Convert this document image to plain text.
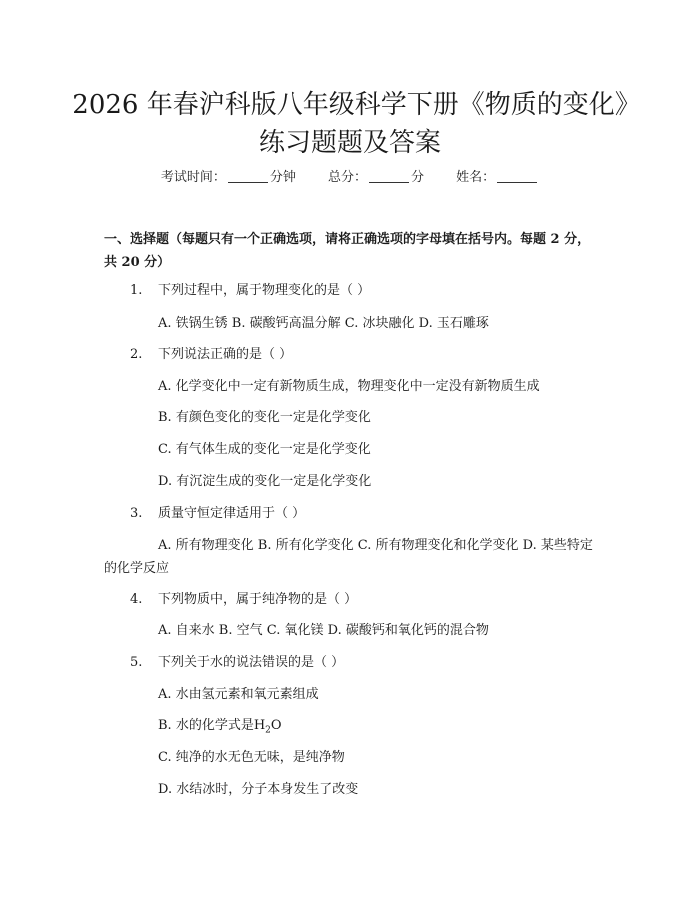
2026 年春沪科版八年级科学下册《物质的变化》练习题题及答案
考试时间：	分钟 总分：	分 姓名：
一、选择题（每题只有一个正确选项，请将正确选项的字母填在括号内。每题 2 分，共 20 分）
1. 下列过程中，属于物理变化的是（ ）
A. 铁锅生锈 B. 碳酸钙高温分解 C. 冰块融化 D. 玉石雕琢
2. 下列说法正确的是（ ）
A. 化学变化中一定有新物质生成，物理变化中一定没有新物质生成
B. 有颜色变化的变化一定是化学变化
C. 有气体生成的变化一定是化学变化
D. 有沉淀生成的变化一定是化学变化
3. 质量守恒定律适用于（ ）
A. 所有物理变化 B. 所有化学变化 C. 所有物理变化和化学变化 D. 某些特定的化学反应
4. 下列物质中，属于纯净物的是（ ）
A. 自来水 B. 空气 C. 氧化镁 D. 碳酸钙和氧化钙的混合物
5. 下列关于水的说法错误的是（ ）
A. 水由氢元素和氧元素组成
B. 水的化学式是$H_2O$
C. 纯净的水无色无味，是纯净物
D. 水结冰时，分子本身发生了改变
